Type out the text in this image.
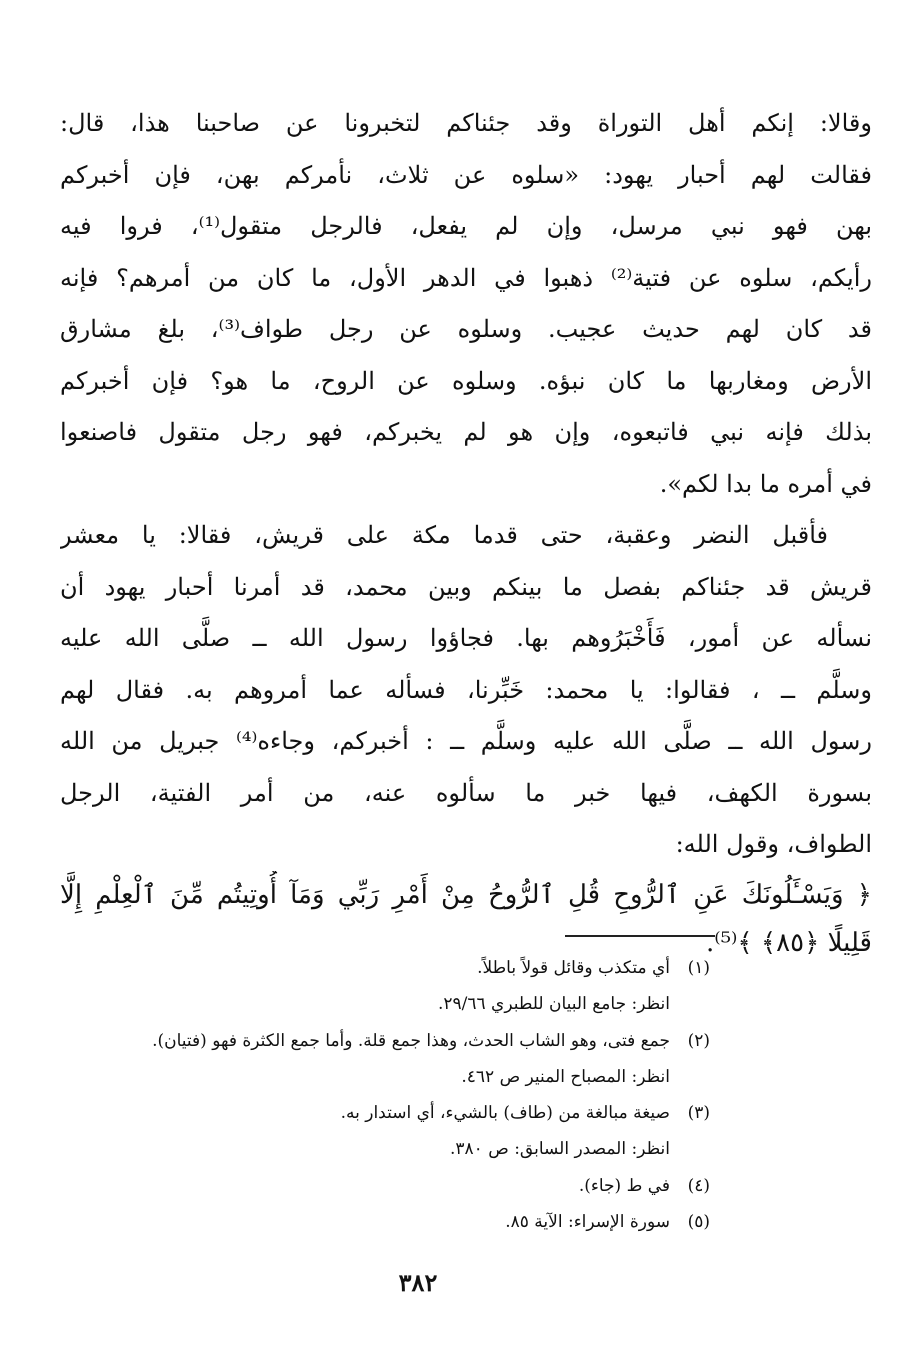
وقالا: إنكم أهل التوراة وقد جئناكم لتخبرونا عن صاحبنا هذا، قال:
فقالت لهم أحبار يهود: «سلوه عن ثلاث، نأمركم بهن، فإن أخبركم
بهن فهو نبي مرسل، وإن لم يفعل، فالرجل متقول⁽¹⁾، فروا فيه
رأيكم، سلوه عن فتية⁽²⁾ ذهبوا في الدهر الأول، ما كان من أمرهم؟ فإنه
قد كان لهم حديث عجيب. وسلوه عن رجل طواف⁽³⁾، بلغ مشارق
الأرض ومغاربها ما كان نبؤه. وسلوه عن الروح، ما هو؟ فإن أخبركم
بذلك فإنه نبي فاتبعوه، وإن هو لم يخبركم، فهو رجل متقول فاصنعوا
في أمره ما بدا لكم».
فأقبل النضر وعقبة، حتى قدما مكة على قريش، فقالا: يا معشر
قريش قد جئناكم بفصل ما بينكم وبين محمد، قد أمرنا أحبار يهود أن
نسأله عن أمور، فَأَخْبَرُوهم بها. فجاؤوا رسول الله ــ صلَّى الله عليه
وسلَّم ــ ، فقالوا: يا محمد: خَبِّرنا، فسأله عما أمروهم به. فقال لهم
رسول الله ــ صلَّى الله عليه وسلَّم ــ : أخبركم، وجاءه⁽⁴⁾ جبريل من الله
بسورة الكهف، فيها خبر ما سألوه عنه، من أمر الفتية، الرجل
الطواف، وقول الله:
﴿ وَيَسْـَٔلُونَكَ عَنِ ٱلرُّوحِ قُلِ ٱلرُّوحُ مِنْ أَمْرِ رَبِّي وَمَآ أُوتِيتُم مِّنَ ٱلْعِلْمِ إِلَّا
قَلِيلًا ﴿٨٥﴾ ﴾⁽⁵⁾.
(١)
أي متكذب وقائل قولاً باطلاً.
انظر: جامع البيان للطبري ٢٩/٦٦.
(٢)
جمع فتى، وهو الشاب الحدث، وهذا جمع قلة. وأما جمع الكثرة فهو (فتيان).
انظر: المصباح المنير ص ٤٦٢.
(٣)
صيغة مبالغة من (طاف) بالشيء، أي استدار به.
انظر: المصدر السابق: ص ٣٨٠.
(٤)
في ط (جاء).
(٥)
سورة الإسراء: الآية ٨٥.
٣٨٢
